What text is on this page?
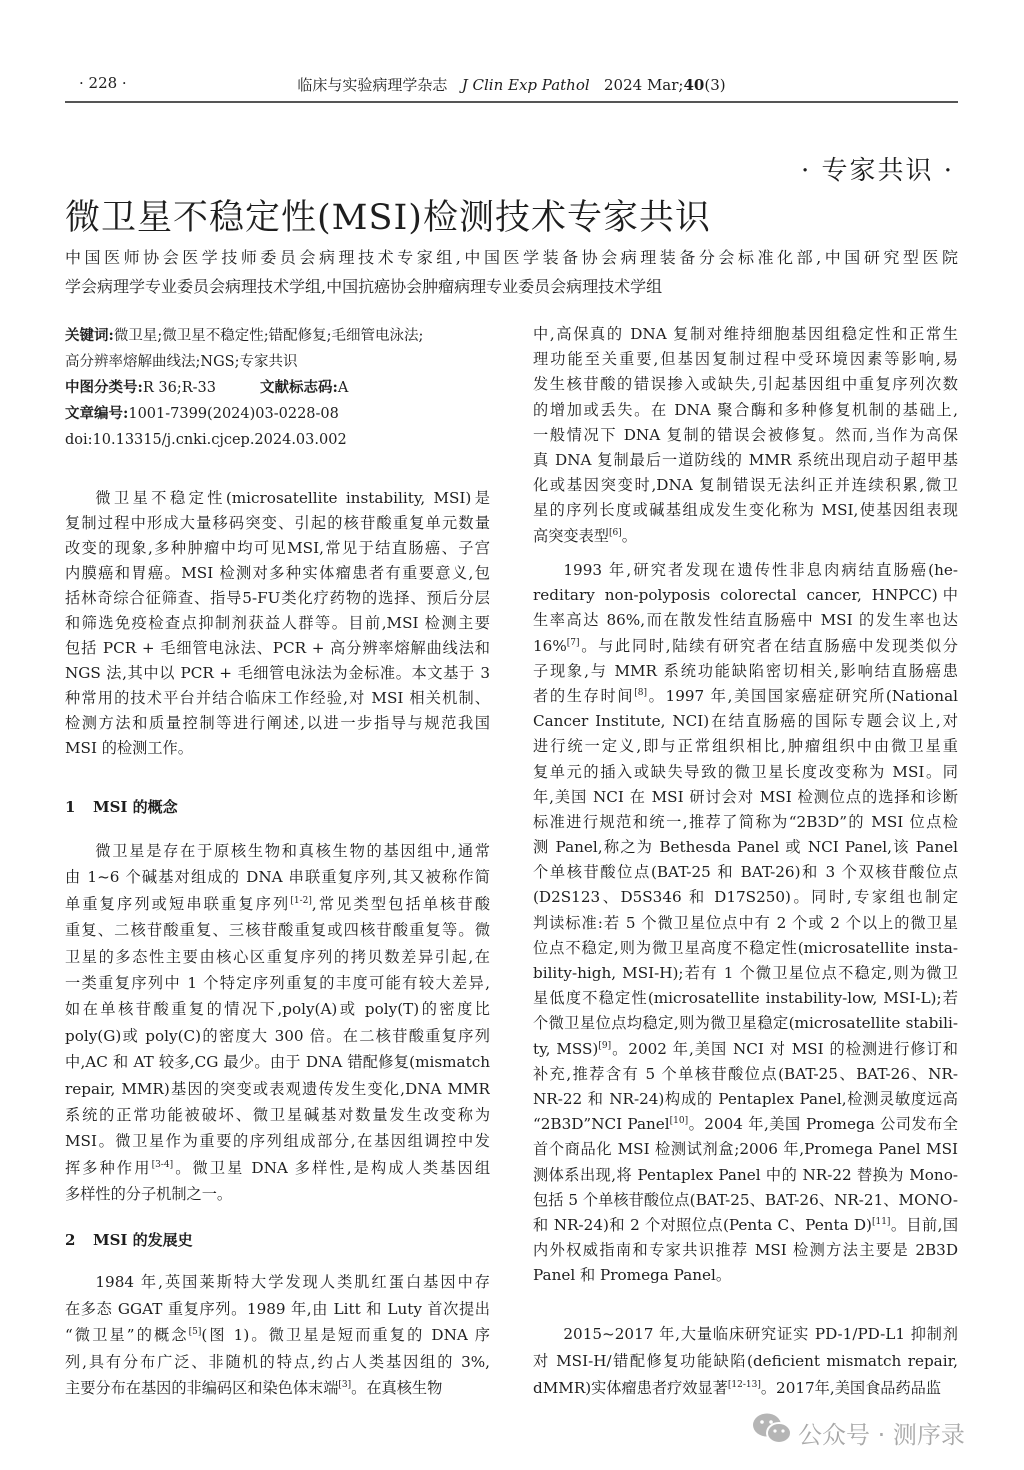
· 228 ·	临床与实验病理学杂志 J Clin Exp Pathol 2024 Mar;40(3)
· 专家共识 ·
微卫星不稳定性(MSI)检测技术专家共识
中国医师协会医学技师委员会病理技术专家组,中国医学装备协会病理装备分会标准化部,中国研究型医院
学会病理学专业委员会病理技术学组,中国抗癌协会肿瘤病理专业委员会病理技术学组
关键词:微卫星;微卫星不稳定性;错配修复;毛细管电泳法;
高分辨率熔解曲线法;NGS;专家共识
中图分类号:R 36;R-33	文献标志码:A
文章编号:1001-7399(2024)03-0228-08
doi:10.13315/j.cnki.cjcep.2024.03.002
微卫星不稳定性(microsatellite instability, MSI)是
复制过程中形成大量移码突变、引起的核苷酸重复单元数量
改变的现象,多种肿瘤中均可见MSI,常见于结直肠癌、子宫
内膜癌和胃癌。MSI 检测对多种实体瘤患者有重要意义,包
括林奇综合征筛查、指导5-FU类化疗药物的选择、预后分层
和筛选免疫检查点抑制剂获益人群等。目前,MSI 检测主要
包括 PCR + 毛细管电泳法、PCR + 高分辨率熔解曲线法和
NGS 法,其中以 PCR + 毛细管电泳法为金标准。本文基于 3
种常用的技术平台并结合临床工作经验,对 MSI 相关机制、
检测方法和质量控制等进行阐述,以进一步指导与规范我国
MSI 的检测工作。
1 MSI 的概念
微卫星是存在于原核生物和真核生物的基因组中,通常
由 1~6 个碱基对组成的 DNA 串联重复序列,其又被称作简
单重复序列或短串联重复序列[1-2],常见类型包括单核苷酸
重复、二核苷酸重复、三核苷酸重复或四核苷酸重复等。微
卫星的多态性主要由核心区重复序列的拷贝数差异引起,在
一类重复序列中 1 个特定序列重复的丰度可能有较大差异,
如在单核苷酸重复的情况下,poly(A)或 poly(T)的密度比
poly(G)或 poly(C)的密度大 300 倍。在二核苷酸重复序列
中,AC 和 AT 较多,CG 最少。由于 DNA 错配修复(mismatch
repair, MMR)基因的突变或表观遗传发生变化,DNA MMR
系统的正常功能被破坏、微卫星碱基对数量发生改变称为
MSI。微卫星作为重要的序列组成部分,在基因组调控中发
挥多种作用[3-4]。微卫星 DNA 多样性,是构成人类基因组
多样性的分子机制之一。
2 MSI 的发展史
1984 年,英国莱斯特大学发现人类肌红蛋白基因中存
在多态 GGAT 重复序列。1989 年,由 Litt 和 Luty 首次提出
“微卫星”的概念[5](图 1)。微卫星是短而重复的 DNA 序
列,具有分布广泛、非随机的特点,约占人类基因组的 3%,
主要分布在基因的非编码区和染色体末端[3]。在真核生物
中,高保真的 DNA 复制对维持细胞基因组稳定性和正常生
理功能至关重要,但基因复制过程中受环境因素等影响,易
发生核苷酸的错误掺入或缺失,引起基因组中重复序列次数
的增加或丢失。在 DNA 聚合酶和多种修复机制的基础上,
一般情况下 DNA 复制的错误会被修复。然而,当作为高保
真 DNA 复制最后一道防线的 MMR 系统出现启动子超甲基
化或基因突变时,DNA 复制错误无法纠正并连续积累,微卫
星的序列长度或碱基组成发生变化称为 MSI,使基因组表现
高突变表型[6]。
1993 年,研究者发现在遗传性非息肉病结直肠癌(he-
reditary non-polyposis colorectal cancer, HNPCC)中
生率高达 86%,而在散发性结直肠癌中 MSI 的发生率也达
16%[7]。与此同时,陆续有研究者在结直肠癌中发现类似分
子现象,与 MMR 系统功能缺陷密切相关,影响结直肠癌患
者的生存时间[8]。1997 年,美国国家癌症研究所(National
Cancer Institute, NCI)在结直肠癌的国际专题会议上,对
进行统一定义,即与正常组织相比,肿瘤组织中由微卫星重
复单元的插入或缺失导致的微卫星长度改变称为 MSI。同
年,美国 NCI 在 MSI 研讨会对 MSI 检测位点的选择和诊断
标准进行规范和统一,推荐了简称为“2B3D”的 MSI 位点检
测 Panel,称之为 Bethesda Panel 或 NCI Panel,该 Panel
个单核苷酸位点(BAT-25 和 BAT-26)和 3 个双核苷酸位点
(D2S123、D5S346 和 D17S250)。同时,专家组也制定
判读标准:若 5 个微卫星位点中有 2 个或 2 个以上的微卫星
位点不稳定,则为微卫星高度不稳定性(microsatellite insta-
bility-high, MSI-H);若有 1 个微卫星位点不稳定,则为微卫
星低度不稳定性(microsatellite instability-low, MSI-L);若
个微卫星位点均稳定,则为微卫星稳定(microsatellite stabili-
ty, MSS)[9]。2002 年,美国 NCI 对 MSI 的检测进行修订和
补充,推荐含有 5 个单核苷酸位点(BAT-25、BAT-26、NR-
NR-22 和 NR-24)构成的 Pentaplex Panel,检测灵敏度远高
“2B3D”NCI Panel[10]。2004 年,美国 Promega 公司发布全
首个商品化 MSI 检测试剂盒;2006 年,Promega Panel MSI
测体系出现,将 Pentaplex Panel 中的 NR-22 替换为 Mono-
包括 5 个单核苷酸位点(BAT-25、BAT-26、NR-21、MONO-
和 NR-24)和 2 个对照位点(Penta C、Penta D)[11]。目前,国
内外权威指南和专家共识推荐 MSI 检测方法主要是 2B3D
Panel 和 Promega Panel。
2015~2017 年,大量临床研究证实 PD-1/PD-L1 抑制剂
对 MSI-H/错配修复功能缺陷(deficient mismatch repair,
dMMR)实体瘤患者疗效显著[12-13]。2017年,美国食品药品监
公众号 · 测序录
